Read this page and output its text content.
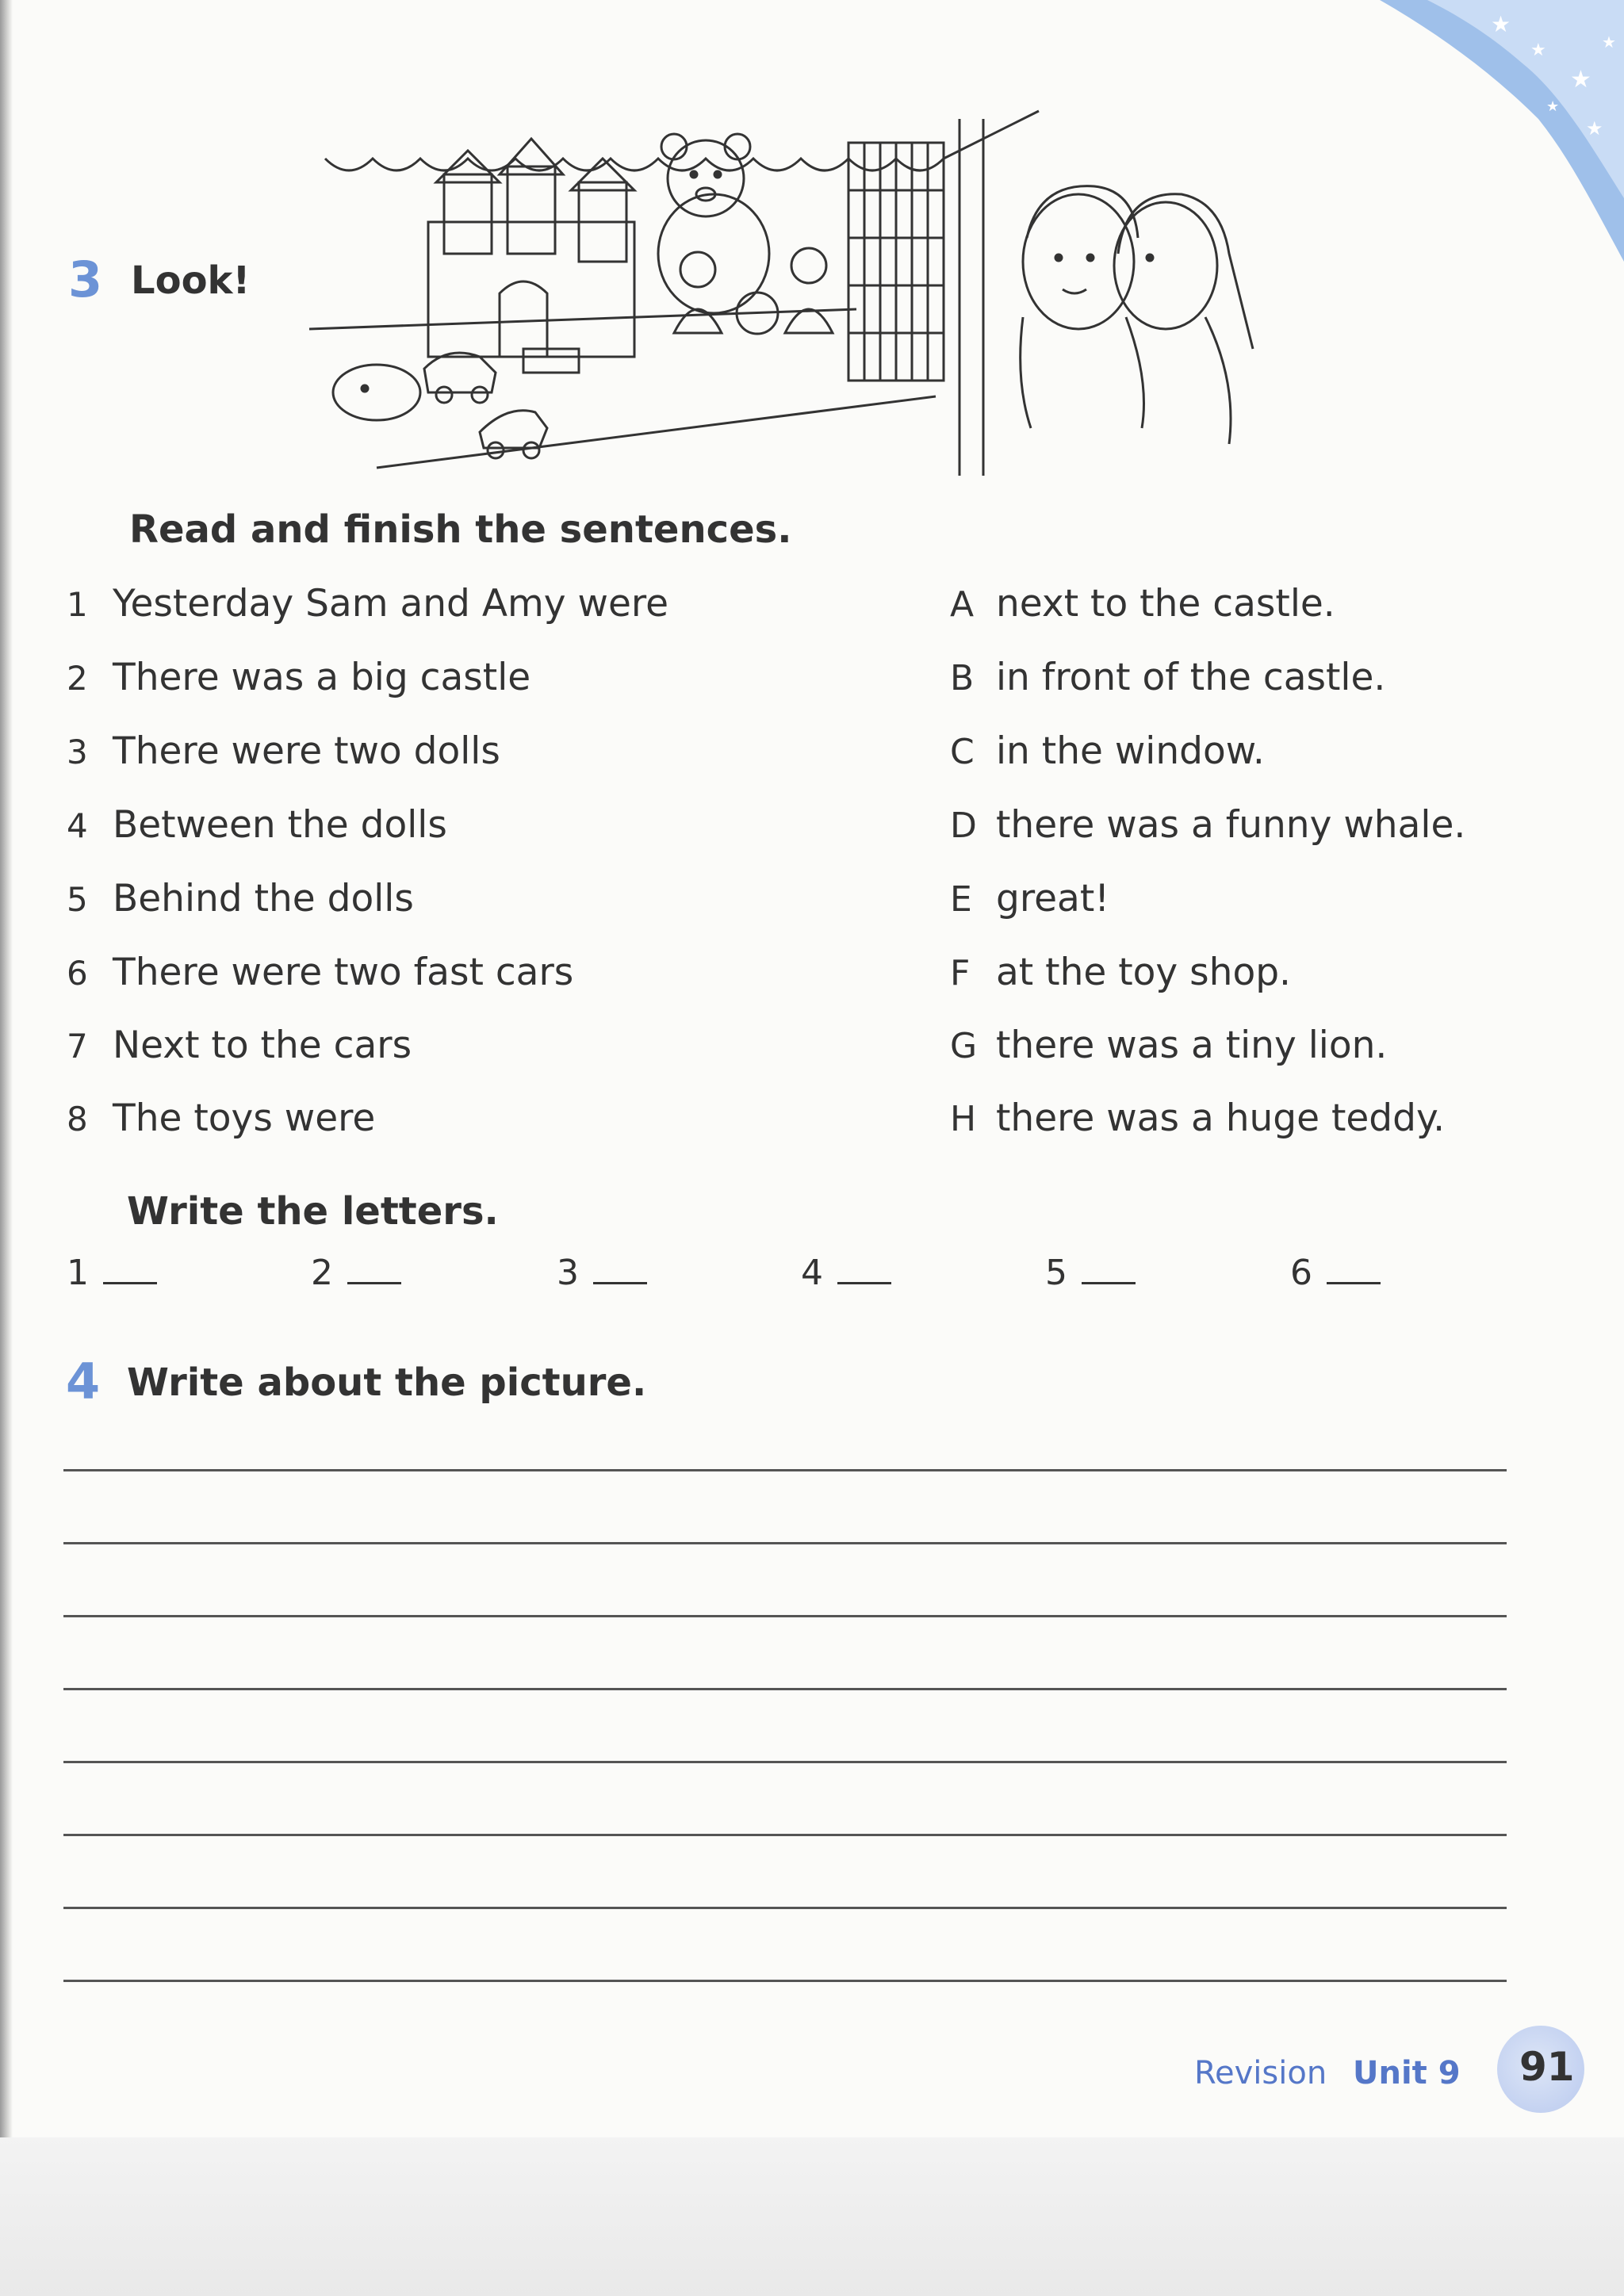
★
★
★
★
★
★
3 Look!
Read and finish the sentences.
1 Yesterday Sam and Amy were
2 There was a big castle
3 There were two dolls
4 Between the dolls
5 Behind the dolls
6 There were two fast cars
7 Next to the cars
8 The toys were
A next to the castle.
B in front of the castle.
C in the window.
D there was a funny whale.
E great!
F at the toy shop.
G there was a tiny lion.
H there was a huge teddy.
Write the letters.
1	2	3	4	5	6
4 Write about the picture.
Revision Unit 9 91
